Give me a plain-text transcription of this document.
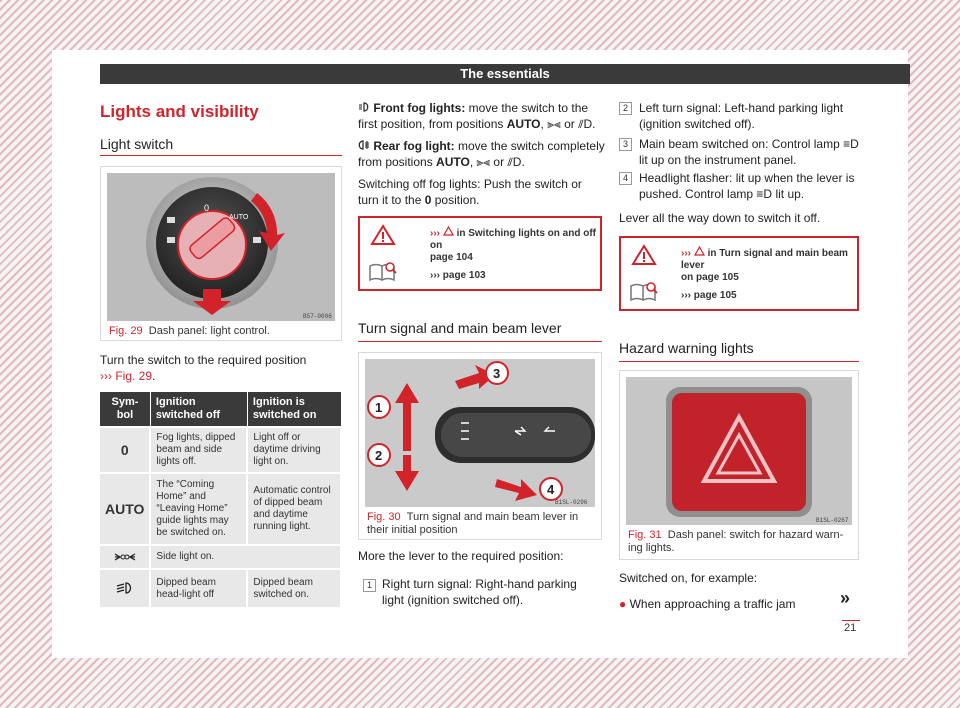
The essentials
Lights and visibility
Light switch
0
AUTO
B57-0006
Fig. 29 Dash panel: light control.

Turn the switch to the required position
››› Fig. 29.

Sym-bol	Ignition switched off	Ignition is switched on
0	Fog lights, dipped beam and side lights off.	Light off or daytime driving light on.
AUTO	The “Coming Home” and “Leaving Home” guide lights may be switched on.	Automatic control of dipped beam and daytime running light.
	Side light on.	
	Dipped beam head-light off	Dipped beam switched on.

Front fog lights: move the switch to the
first position, from positions AUTO, ⫸⫷ or ⫽D.

Rear fog light: move the switch completely
from positions AUTO, ⫸⫷ or ⫽D.

Switching off fog lights: Push the switch or
turn it to the 0 position.

››› in Switching lights on and off on
page 104
››› page 103
Turn signal and main beam lever
3
1
2
4
B1SL-0296
Fig. 30 Turn signal and main beam lever in
their initial position

More the lever to the required position:

1 Right turn signal: Right-hand parking
light (ignition switched off).

2 Left turn signal: Left-hand parking light
(ignition switched off).

3 Main beam switched on: Control lamp ≡D
lit up on the instrument panel.

4 Headlight flasher: lit up when the lever is
pushed. Control lamp ≡D lit up.

Lever all the way down to switch it off.

››› in Turn signal and main beam lever
on page 105
››› page 105
Hazard warning lights
B1SL-0267
Fig. 31 Dash panel: switch for hazard warn-
ing lights.

Switched on, for example:

● When approaching a traffic jam	»
21
